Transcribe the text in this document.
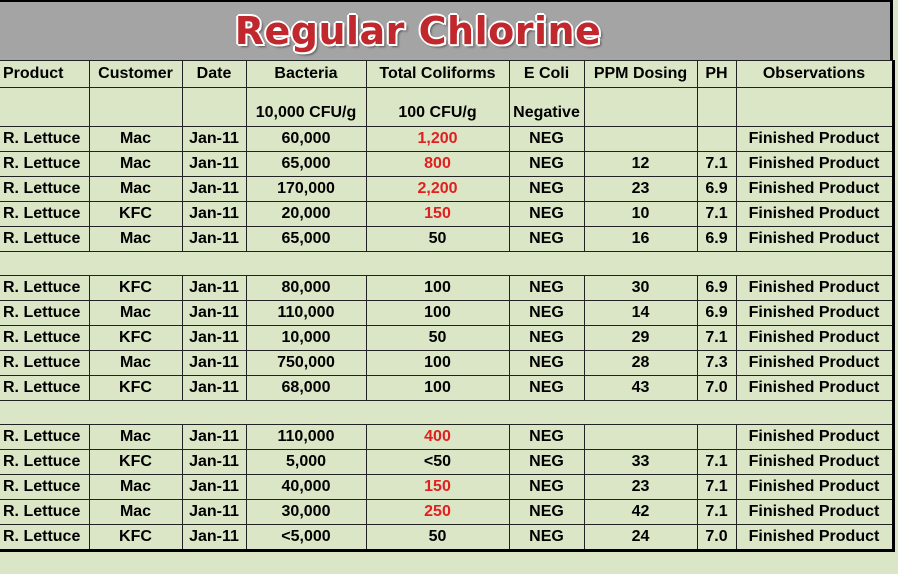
Regular Chlorine
Product	Customer	Date	Bacteria	Total Coliforms	E Coli	PPM Dosing	PH	Observations
			10,000 CFU/g	100 CFU/g	Negative			
R. Lettuce	Mac	Jan-11	60,000	1,200	NEG			Finished Product
R. Lettuce	Mac	Jan-11	65,000	800	NEG	12	7.1	Finished Product
R. Lettuce	Mac	Jan-11	170,000	2,200	NEG	23	6.9	Finished Product
R. Lettuce	KFC	Jan-11	20,000	150	NEG	10	7.1	Finished Product
R. Lettuce	Mac	Jan-11	65,000	50	NEG	16	6.9	Finished Product

R. Lettuce	KFC	Jan-11	80,000	100	NEG	30	6.9	Finished Product
R. Lettuce	Mac	Jan-11	110,000	100	NEG	14	6.9	Finished Product
R. Lettuce	KFC	Jan-11	10,000	50	NEG	29	7.1	Finished Product
R. Lettuce	Mac	Jan-11	750,000	100	NEG	28	7.3	Finished Product
R. Lettuce	KFC	Jan-11	68,000	100	NEG	43	7.0	Finished Product

R. Lettuce	Mac	Jan-11	110,000	400	NEG			Finished Product
R. Lettuce	KFC	Jan-11	5,000	<50	NEG	33	7.1	Finished Product
R. Lettuce	Mac	Jan-11	40,000	150	NEG	23	7.1	Finished Product
R. Lettuce	Mac	Jan-11	30,000	250	NEG	42	7.1	Finished Product
R. Lettuce	KFC	Jan-11	<5,000	50	NEG	24	7.0	Finished Product
